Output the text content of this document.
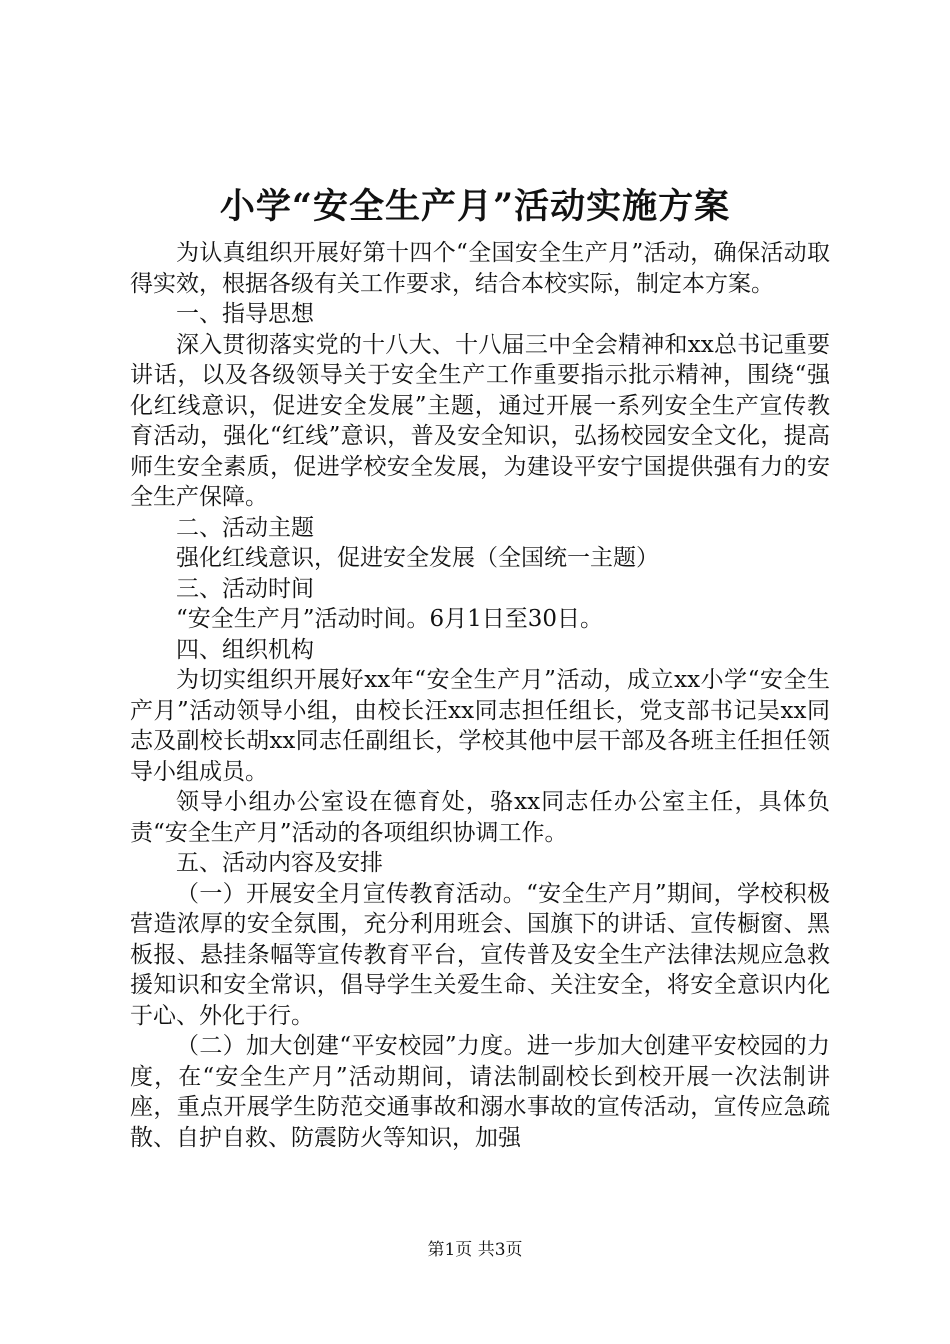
小学“安全生产月”活动实施方案

为认真组织开展好第十四个“全国安全生产月”活动，确保活动取得实效，根据各级有关工作要求，结合本校实际，制定本方案。

一、指导思想

深入贯彻落实党的十八大、十八届三中全会精神和xx总书记重要讲话，以及各级领导关于安全生产工作重要指示批示精神，围绕“强化红线意识，促进安全发展”主题，通过开展一系列安全生产宣传教育活动，强化“红线”意识，普及安全知识，弘扬校园安全文化，提高师生安全素质，促进学校安全发展，为建设平安宁国提供强有力的安全生产保障。

二、活动主题

强化红线意识，促进安全发展（全国统一主题）

三、活动时间

“安全生产月”活动时间。6月1日至30日。

四、组织机构

为切实组织开展好xx年“安全生产月”活动，成立xx小学“安全生产月”活动领导小组，由校长汪xx同志担任组长，党支部书记吴xx同志及副校长胡xx同志任副组长，学校其他中层干部及各班主任担任领导小组成员。

领导小组办公室设在德育处，骆xx同志任办公室主任，具体负责“安全生产月”活动的各项组织协调工作。

五、活动内容及安排

（一）开展安全月宣传教育活动。“安全生产月”期间，学校积极营造浓厚的安全氛围，充分利用班会、国旗下的讲话、宣传橱窗、黑板报、悬挂条幅等宣传教育平台，宣传普及安全生产法律法规应急救援知识和安全常识，倡导学生关爱生命、关注安全，将安全意识内化于心、外化于行。

（二）加大创建“平安校园”力度。进一步加大创建平安校园的力度，在“安全生产月”活动期间，请法制副校长到校开展一次法制讲座，重点开展学生防范交通事故和溺水事故的宣传活动，宣传应急疏散、自护自救、防震防火等知识，加强

第1页 共3页
